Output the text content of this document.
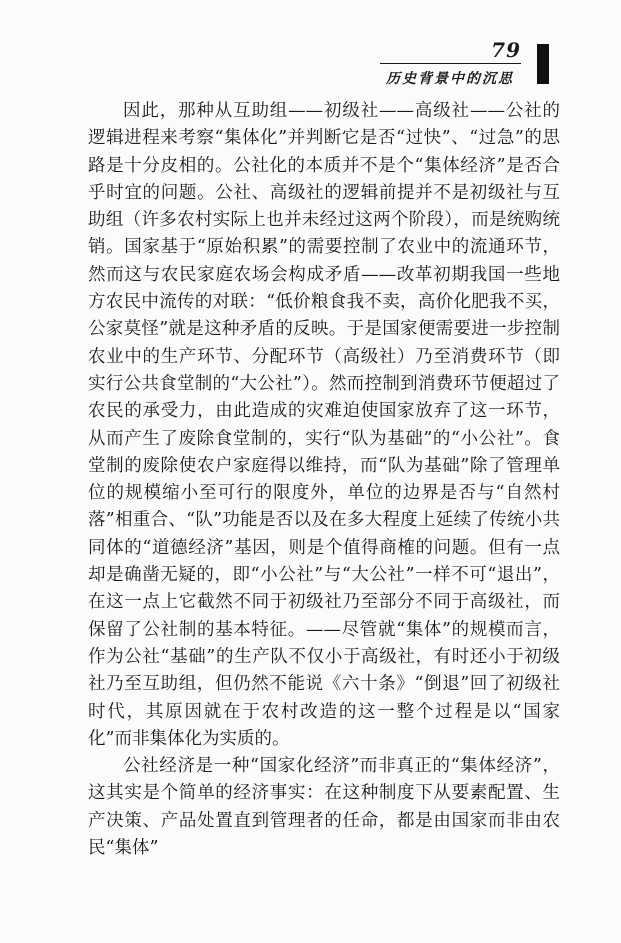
79
历史背景中的沉思

因此，那种从互助组——初级社——高级社——公社的逻辑进程来考察“集体化”并判断它是否“过快”、“过急”的思路是十分皮相的。公社化的本质并不是个“集体经济”是否合乎时宜的问题。公社、高级社的逻辑前提并不是初级社与互助组（许多农村实际上也并未经过这两个阶段），而是统购统销。国家基于“原始积累”的需要控制了农业中的流通环节，然而这与农民家庭农场会构成矛盾——改革初期我国一些地方农民中流传的对联：“低价粮食我不卖，高价化肥我不买，公家莫怪”就是这种矛盾的反映。于是国家便需要进一步控制农业中的生产环节、分配环节（高级社）乃至消费环节（即实行公共食堂制的“大公社”）。然而控制到消费环节便超过了农民的承受力，由此造成的灾难迫使国家放弃了这一环节，从而产生了废除食堂制的，实行“队为基础”的“小公社”。食堂制的废除使农户家庭得以维持，而“队为基础”除了管理单位的规模缩小至可行的限度外，单位的边界是否与“自然村落”相重合、“队”功能是否以及在多大程度上延续了传统小共同体的“道德经济”基因，则是个值得商榷的问题。但有一点却是确凿无疑的，即“小公社”与“大公社”一样不可“退出”，在这一点上它截然不同于初级社乃至部分不同于高级社，而保留了公社制的基本特征。——尽管就“集体”的规模而言，作为公社“基础”的生产队不仅小于高级社，有时还小于初级社乃至互助组，但仍然不能说《六十条》“倒退”回了初级社时代，其原因就在于农村改造的这一整个过程是以“国家化”而非集体化为实质的。

公社经济是一种“国家化经济”而非真正的“集体经济”，这其实是个简单的经济事实：在这种制度下从要素配置、生产决策、产品处置直到管理者的任命，都是由国家而非由农民“集体”
